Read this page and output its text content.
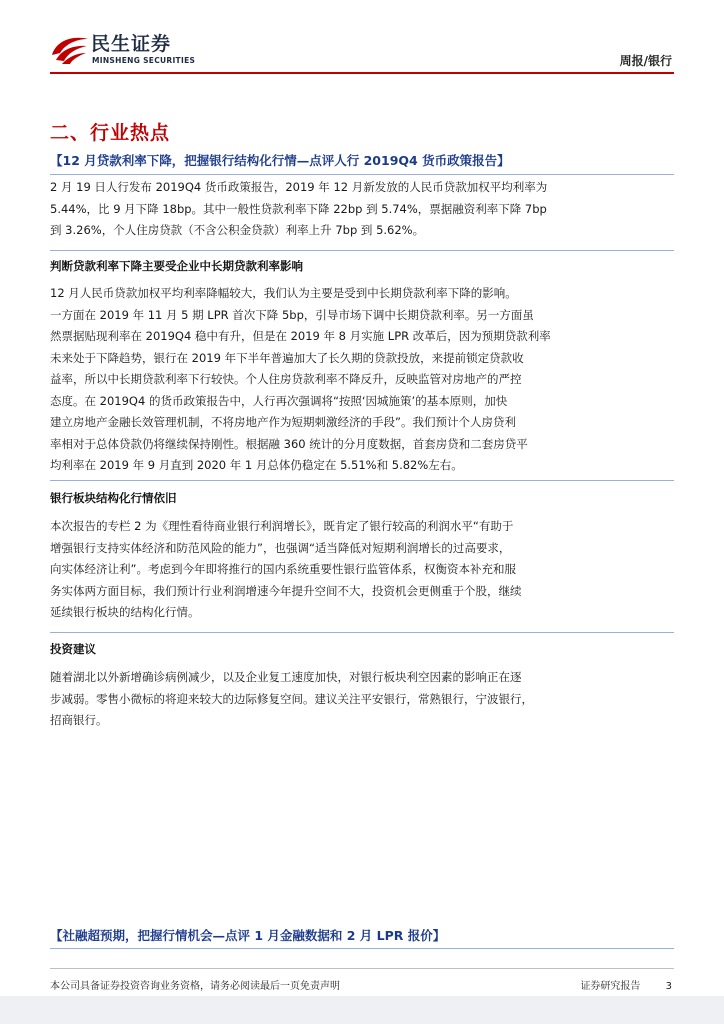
民生证券
MINSHENG SECURITIES	周报/银行
二、行业热点
【12 月贷款利率下降，把握银行结构化行情—点评人行 2019Q4 货币政策报告】
2 月 19 日人行发布 2019Q4 货币政策报告，2019 年 12 月新发放的人民币贷款加权平均利率为
5.44%，比 9 月下降 18bp。其中一般性贷款利率下降 22bp 到 5.74%，票据融资利率下降 7bp
到 3.26%，个人住房贷款（不含公积金贷款）利率上升 7bp 到 5.62%。
判断贷款利率下降主要受企业中长期贷款利率影响
12 月人民币贷款加权平均利率降幅较大，我们认为主要是受到中长期贷款利率下降的影响。
一方面在 2019 年 11 月 5 期 LPR 首次下降 5bp，引导市场下调中长期贷款利率。另一方面虽
然票据贴现利率在 2019Q4 稳中有升，但是在 2019 年 8 月实施 LPR 改革后，因为预期贷款利率
未来处于下降趋势，银行在 2019 年下半年普遍加大了长久期的贷款投放，来提前锁定贷款收
益率，所以中长期贷款利率下行较快。个人住房贷款利率不降反升，反映监管对房地产的严控
态度。在 2019Q4 的货币政策报告中，人行再次强调将“按照‘因城施策’的基本原则，加快
建立房地产金融长效管理机制，不将房地产作为短期刺激经济的手段”。我们预计个人房贷利
率相对于总体贷款仍将继续保持刚性。根据融 360 统计的分月度数据，首套房贷和二套房贷平
均利率在 2019 年 9 月直到 2020 年 1 月总体仍稳定在 5.51%和 5.82%左右。
银行板块结构化行情依旧
本次报告的专栏 2 为《理性看待商业银行利润增长》，既肯定了银行较高的利润水平“有助于
增强银行支持实体经济和防范风险的能力”，也强调“适当降低对短期利润增长的过高要求，
向实体经济让利”。考虑到今年即将推行的国内系统重要性银行监管体系，权衡资本补充和服
务实体两方面目标，我们预计行业利润增速今年提升空间不大，投资机会更侧重于个股，继续
延续银行板块的结构化行情。
投资建议
随着湖北以外新增确诊病例减少，以及企业复工速度加快，对银行板块利空因素的影响正在逐
步减弱。零售小微标的将迎来较大的边际修复空间。建议关注平安银行，常熟银行，宁波银行，
招商银行。
【社融超预期，把握行情机会—点评 1 月金融数据和 2 月 LPR 报价】
本公司具备证券投资咨询业务资格，请务必阅读最后一页免责声明	证券研究报告	3
